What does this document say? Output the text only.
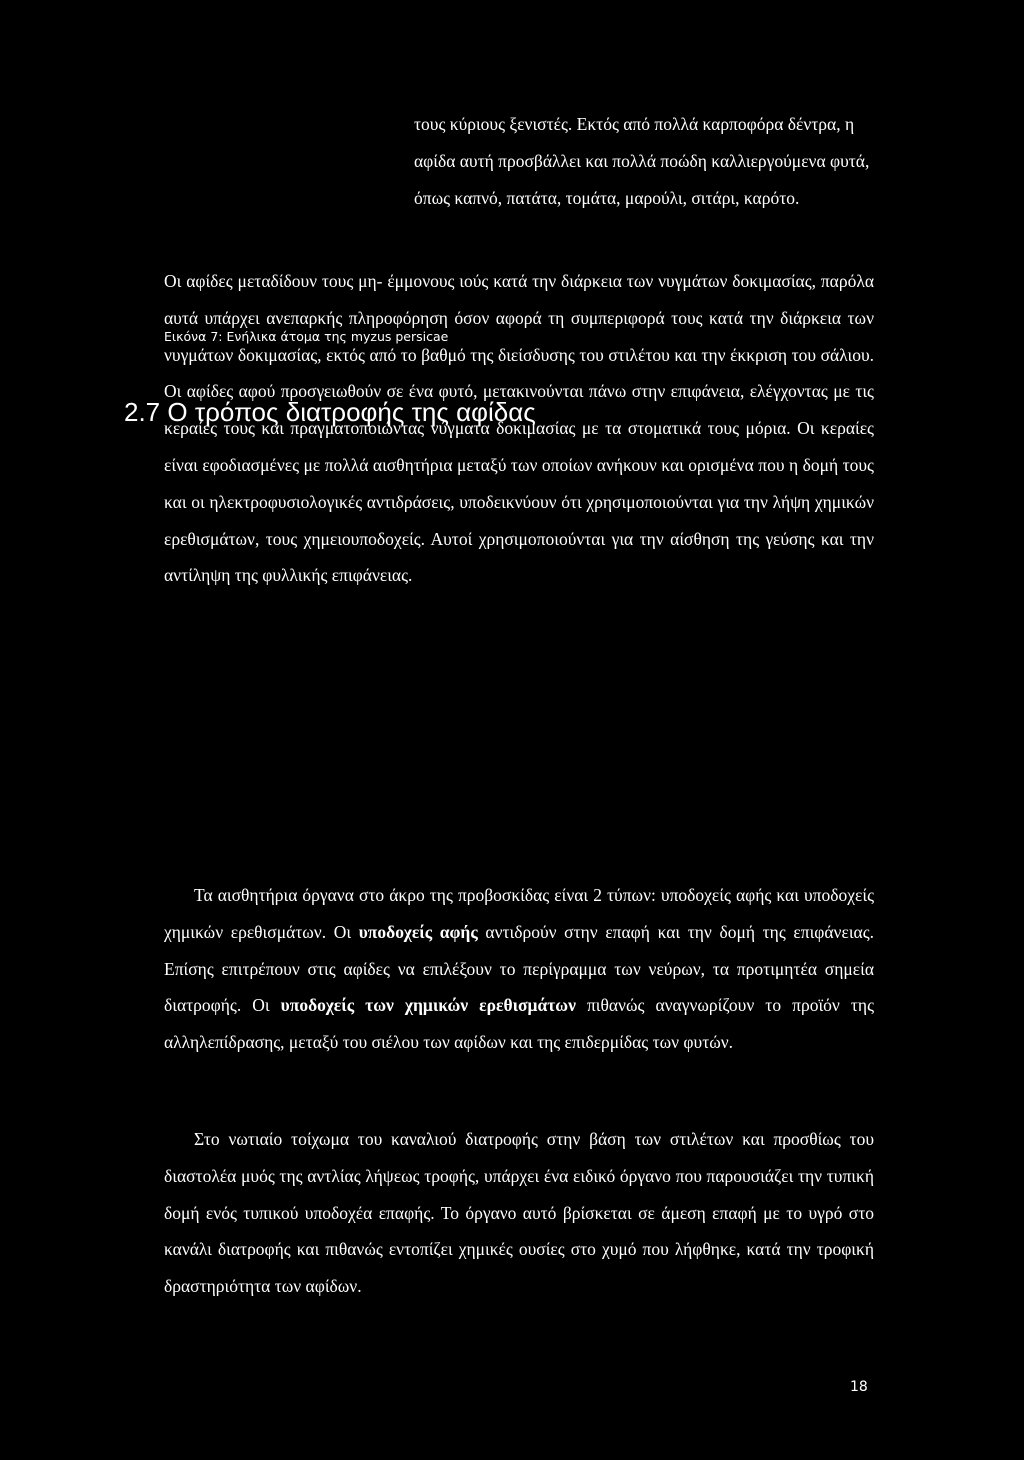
τους κύριους ξενιστές. Εκτός από πολλά καρποφόρα δέντρα, η αφίδα αυτή προσβάλλει και πολλά ποώδη καλλιεργούμενα φυτά, όπως καπνό, πατάτα, τομάτα, μαρούλι, σιτάρι, καρότο.
Εικόνα 7: Ενήλικα άτομα της myzus persicae
2.7 Ο τρόπος διατροφής της αφίδας
Οι αφίδες μεταδίδουν τους μη- έμμονους ιούς κατά την διάρκεια των νυγμάτων δοκιμασίας, παρόλα αυτά υπάρχει ανεπαρκής πληροφόρηση όσον αφορά τη συμπεριφορά τους κατά την διάρκεια των νυγμάτων δοκιμασίας, εκτός από το βαθμό της διείσδυσης του στιλέτου και την έκκριση του σάλιου. Οι αφίδες αφού προσγειωθούν σε ένα φυτό, μετακινούνται πάνω στην επιφάνεια, ελέγχοντας με τις κεραίες τους και πραγματοποιώντας νύγματα δοκιμασίας με τα στοματικά τους μόρια. Οι κεραίες είναι εφοδιασμένες με πολλά αισθητήρια μεταξύ των οποίων ανήκουν και ορισμένα που η δομή τους και οι ηλεκτροφυσιολογικές αντιδράσεις, υποδεικνύουν ότι χρησιμοποιούνται για την λήψη χημικών ερεθισμάτων, τους χημειουποδοχείς. Αυτοί χρησιμοποιούνται για την αίσθηση της γεύσης και την αντίληψη της φυλλικής επιφάνειας.
Τα αισθητήρια όργανα στο άκρο της προβοσκίδας είναι 2 τύπων: υποδοχείς αφής και υποδοχείς χημικών ερεθισμάτων. Οι υποδοχείς αφής αντιδρούν στην επαφή και την δομή της επιφάνειας. Επίσης επιτρέπουν στις αφίδες να επιλέξουν το περίγραμμα των νεύρων, τα προτιμητέα σημεία διατροφής. Οι υποδοχείς των χημικών ερεθισμάτων πιθανώς αναγνωρίζουν το προϊόν της αλληλεπίδρασης, μεταξύ του σιέλου των αφίδων και της επιδερμίδας των φυτών.
Στο νωτιαίο τοίχωμα του καναλιού διατροφής στην βάση των στιλέτων και προσθίως του διαστολέα μυός της αντλίας λήψεως τροφής, υπάρχει ένα ειδικό όργανο που παρουσιάζει την τυπική δομή ενός τυπικού υποδοχέα επαφής. Το όργανο αυτό βρίσκεται σε άμεση επαφή με το υγρό στο κανάλι διατροφής και πιθανώς εντοπίζει χημικές ουσίες στο χυμό που λήφθηκε, κατά την τροφική δραστηριότητα των αφίδων.
18
